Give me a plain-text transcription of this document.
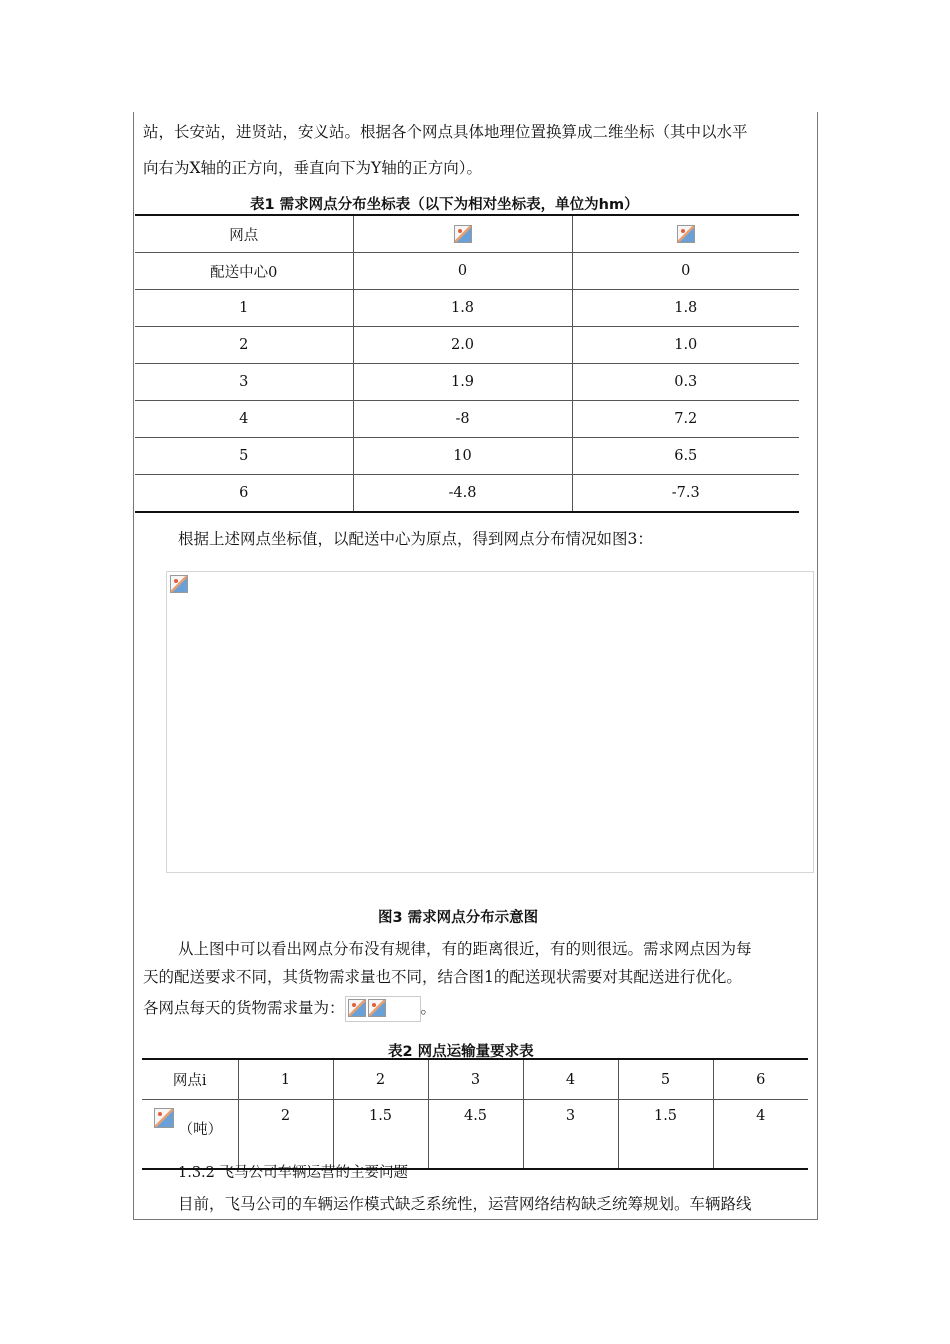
站，长安站，进贤站，安义站。根据各个网点具体地理位置换算成二维坐标（其中以水平
向右为X轴的正方向，垂直向下为Y轴的正方向）。
表1 需求网点分布坐标表（以下为相对坐标表，单位为hm）
网点		
配送中心0	0	0
1	1.8	1.8
2	2.0	1.0
3	1.9	0.3
4	-8	7.2
5	10	6.5
6	-4.8	-7.3
根据上述网点坐标值，以配送中心为原点，得到网点分布情况如图3：
图3 需求网点分布示意图
从上图中可以看出网点分布没有规律，有的距离很近，有的则很远。需求网点因为每
天的配送要求不同，其货物需求量也不同，结合图1的配送现状需要对其配送进行优化。
各网点每天的货物需求量为：	。
表2 网点运输量要求表
网点i	1	2	3	4	5	6
（吨）	2	1.5	4.5	3	1.5	4
1.3.2 飞马公司车辆运营的主要问题
目前，飞马公司的车辆运作模式缺乏系统性，运营网络结构缺乏统筹规划。车辆路线
